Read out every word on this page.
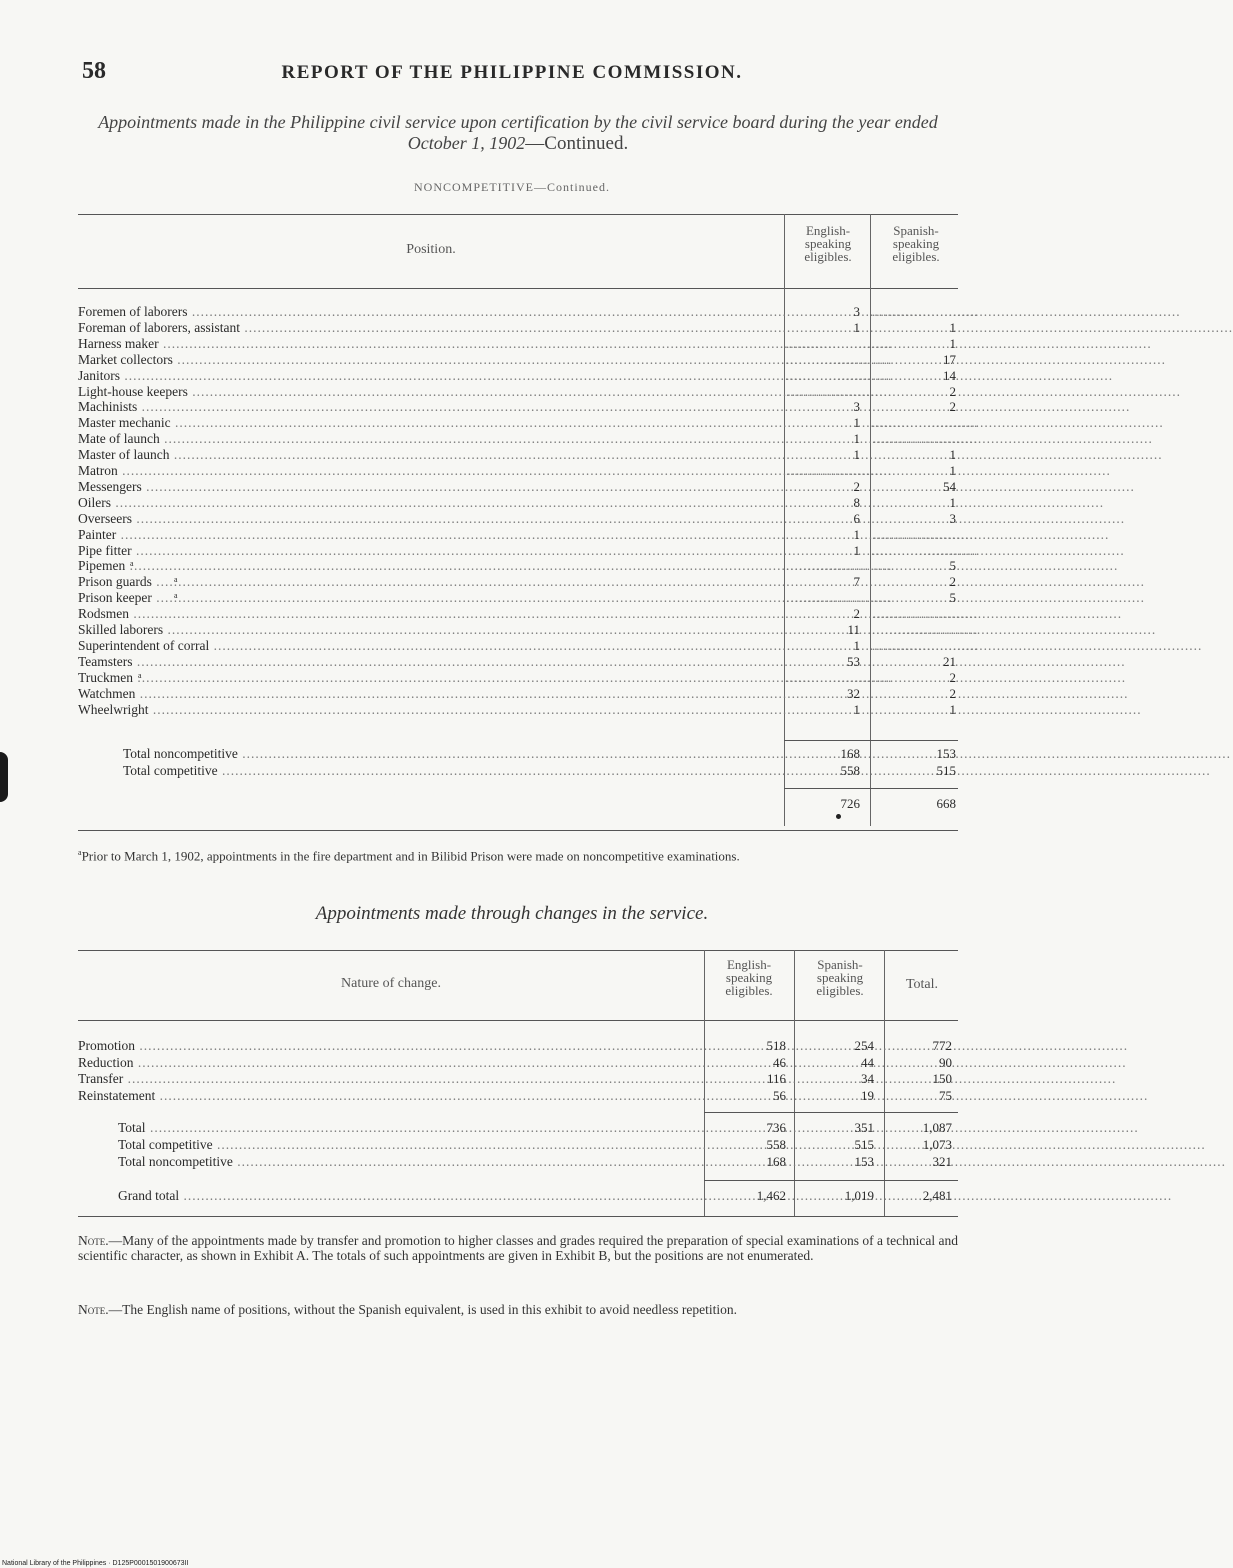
58	REPORT OF THE PHILIPPINE COMMISSION.
Appointments made in the Philippine civil service upon certification by the civil service board during the year ended October 1, 1902—Continued.
NONCOMPETITIVE—Continued.
Position.
English-speaking eligibles.
Spanish-speaking eligibles.
Foremen of laborers .....	3 .........................
Foreman of laborers, assistant .....	1	1
Harness maker .....	.........................	1
Market collectors .....	.........................	17
Janitors .....	.........................	14
Light-house keepers .....	.........................	2
Machinists .....	3	2
Master mechanic .....	1 .........................
Mate of launch .....	1 .........................
Master of launch .....	1	1
Matron .....	.........................	1
Messengers .....	2	54
Oilers .....	8	1
Overseers .....	6	3
Painter .....	1 .........................
Pipe fitter .....	1 .........................
Pipemen ..... a	.........................	5
Prison guards .....	a	7	2
Prison keeper .....	a	.........................	5
Rodsmen .....	2 .........................
Skilled laborers .....	11 .........................
Superintendent of corral .....	1 .........................
Teamsters .....	53	21
Truckmen ..... a	.........................	2
Watchmen .....	32	2
Wheelwright .....	1	1
Total noncompetitive .....	168	153
Total competitive .....	558	515
726	668
$^a$Prior to March 1, 1902, appointments in the fire department and in Bilibid Prison were made on noncompetitive examinations.
Appointments made through changes in the service.
Nature of change.
English-speaking eligibles.
Spanish-speaking eligibles.	Total.
Promotion .....	518	254	772
Reduction .....	46	44	90
Transfer .....	116	34	150
Reinstatement .....	56	19	75
Total .....	736	351	1,087
Total competitive .....	558	515	1,073
Total noncompetitive .....	168	153	321
Grand total .....	1,462	1,019	2,481
Note.—Many of the appointments made by transfer and promotion to higher classes and grades required the preparation of special examinations of a technical and scientific character, as shown in Exhibit A. The totals of such appointments are given in Exhibit B, but the positions are not enumerated.
Note.—The English name of positions, without the Spanish equivalent, is used in this exhibit to avoid needless repetition.
National Library of the Philippines · D125P0001501900673II
